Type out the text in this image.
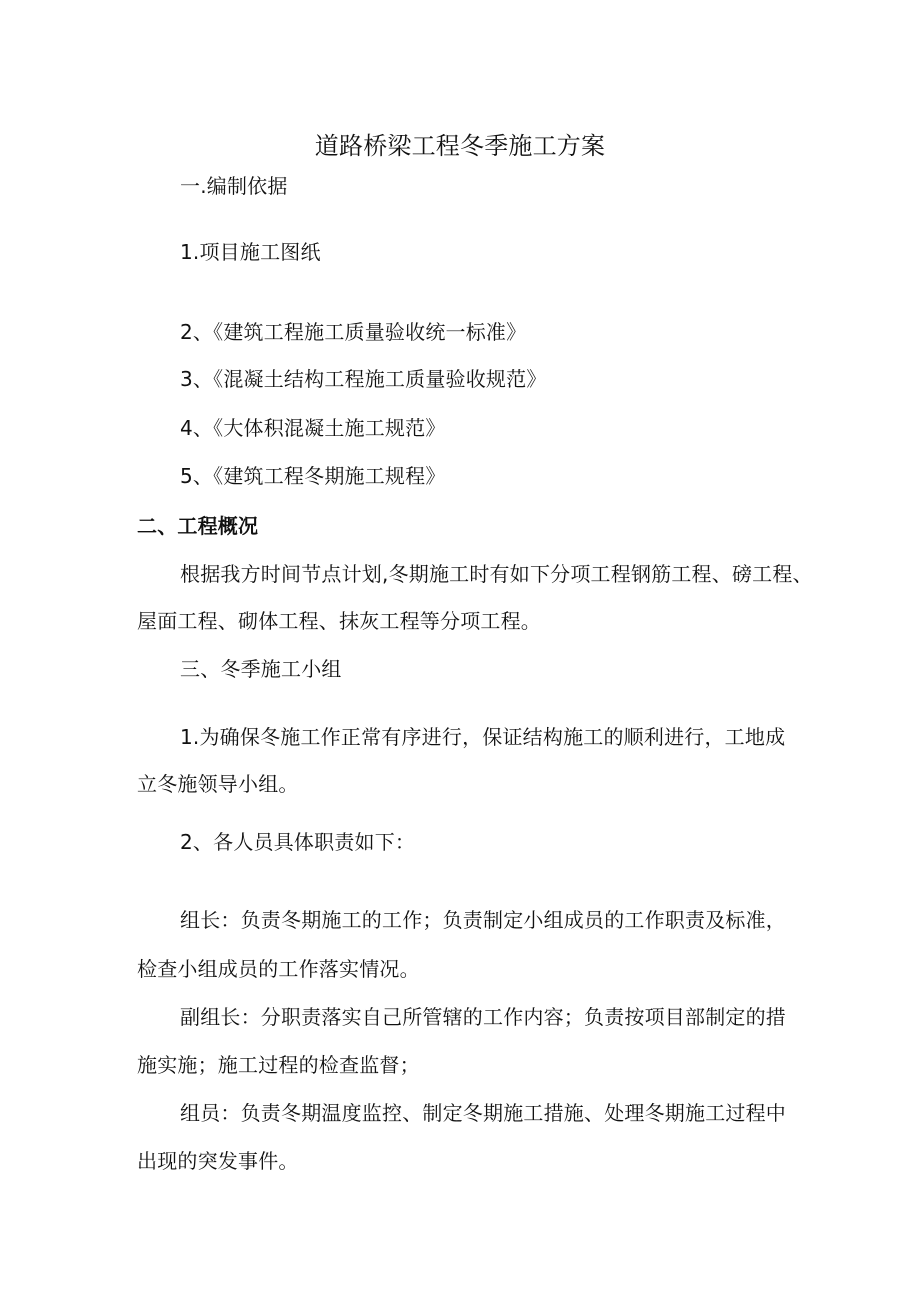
道路桥梁工程冬季施工方案
一.编制依据
1.项目施工图纸
2、《建筑工程施工质量验收统一标准》
3、《混凝土结构工程施工质量验收规范》
4、《大体积混凝土施工规范》
5、《建筑工程冬期施工规程》
二、工程概况
根据我方时间节点计划,冬期施工时有如下分项工程钢筋工程、磅工程、
屋面工程、砌体工程、抹灰工程等分项工程。
三、冬季施工小组
1.为确保冬施工作正常有序进行，保证结构施工的顺利进行，工地成
立冬施领导小组。
2、各人员具体职责如下：
组长：负责冬期施工的工作；负责制定小组成员的工作职责及标准，
检查小组成员的工作落实情况。
副组长：分职责落实自己所管辖的工作内容；负责按项目部制定的措
施实施；施工过程的检查监督；
组员：负责冬期温度监控、制定冬期施工措施、处理冬期施工过程中
出现的突发事件。
